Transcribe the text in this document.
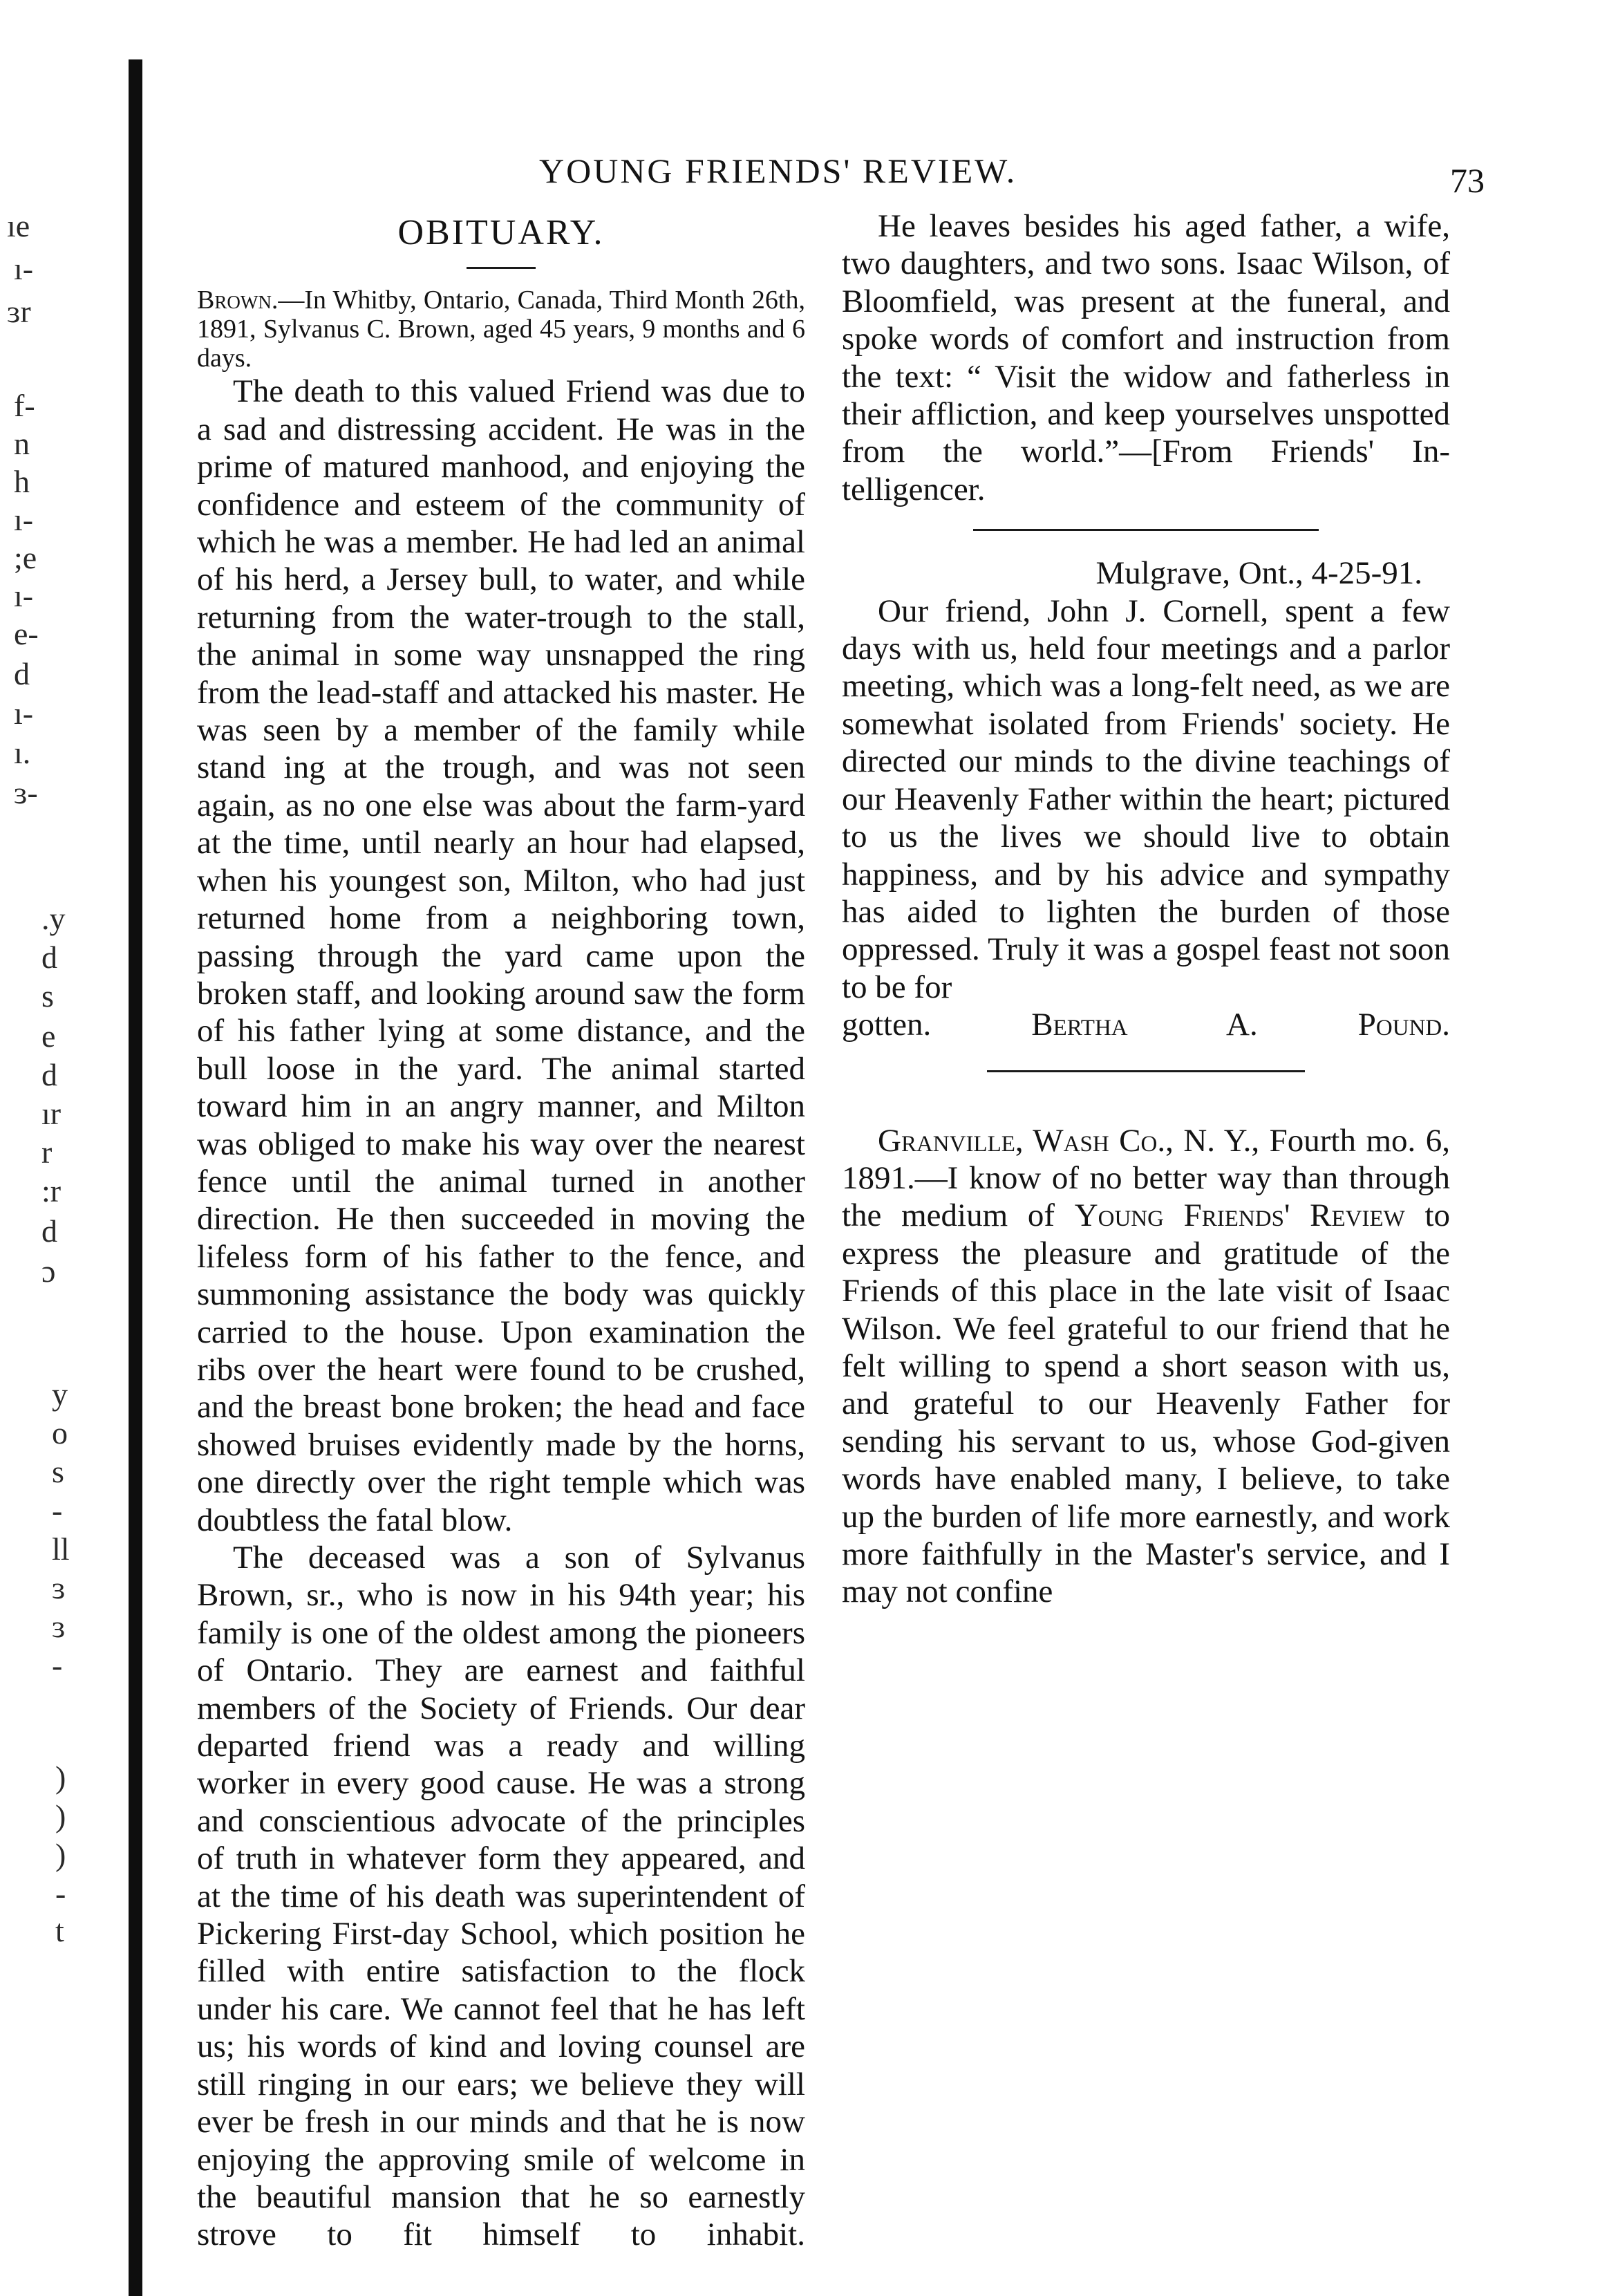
ıe
ı-
ɜr
f-
n
h
ı-
;e
ı-
e-
d
ı-
ı.
ɜ-
.y
d
s
e
d
ır
r
:r
d
ɔ
y
o
s
-
ll
ɜ
ɜ
-
)
)
)
-
t
YOUNG FRIENDS' REVIEW.	73
OBITUARY.

Brown.—In Whitby, Ontario, Canada, Third Month 26th, 1891, Sylvanus C. Brown, aged 45 years, 9 months and 6 days.

The death to this valued Friend was due to a sad and distressing accident. He was in the prime of matured manhood, and enjoying the confidence and esteem of the community of which he was a member. He had led an animal of his herd, a Jersey bull, to water, and while returning from the water-trough to the stall, the animal in some way unsnapped the ring from the lead-staff and attacked his master. He was seen by a member of the family while stand ing at the trough, and was not seen again, as no one else was about the farm-yard at the time, until nearly an hour had elapsed, when his youngest son, Milton, who had just returned home from a neighboring town, passing through the yard came upon the broken staff, and looking around saw the form of his father lying at some distance, and the bull loose in the yard. The animal started toward him in an angry manner, and Milton was obliged to make his way over the nearest fence until the animal turned in another direction. He then succeeded in moving the lifeless form of his father to the fence, and summoning assistance the body was quickly carried to the house. Upon examination the ribs over the heart were found to be crushed, and the breast bone broken; the head and face showed bruises evidently made by the horns, one directly over the right temple which was doubtless the fatal blow.

The deceased was a son of Sylvanus Brown, sr., who is now in his 94th year; his family is one of the oldest among the pioneers of Ontario. They are earnest and faithful members of the Society of Friends. Our dear departed friend was a ready and willing worker in every good cause. He was a strong and conscientious advocate of the principles of truth in whatever form they appeared, and at the time of his death was superintendent of Pickering First-day School, which position he filled with entire satisfaction to the flock under his care. We cannot feel that he has left us; his words of kind and loving counsel are still ringing in our ears; we believe they will ever be fresh in our minds and that he is now enjoying the approving smile of welcome in the beautiful mansion that he so earnestly strove to fit himself to inhabit.

He leaves besides his aged father, a wife, two daughters, and two sons. Isaac Wilson, of Bloomfield, was present at the funeral, and spoke words of comfort and instruction from the text: “ Visit the widow and fatherless in their affliction, and keep yourselves unspotted from the world.”—[From Friends' Intelligencer.

Mulgrave, Ont., 4-25-91.

Our friend, John J. Cornell, spent a few days with us, held four meetings and a parlor meeting, which was a long-felt need, as we are somewhat isolated from Friends' society. He directed our minds to the divine teachings of our Heavenly Father within the heart; pictured to us the lives we should live to obtain happiness, and by his advice and sympathy has aided to lighten the burden of those oppressed. Truly it was a gospel feast not soon to be for

gotten.	Bertha A. Pound.

Granville, Wash Co., N. Y., Fourth mo. 6, 1891.—I know of no better way than through the medium of Young Friends' Review to express the pleasure and gratitude of the Friends of this place in the late visit of Isaac Wilson. We feel grateful to our friend that he felt willing to spend a short season with us, and grateful to our Heavenly Father for sending his servant to us, whose God-given words have enabled many, I believe, to take up the burden of life more earnestly, and work more faithfully in the Master's service, and I may not confine
